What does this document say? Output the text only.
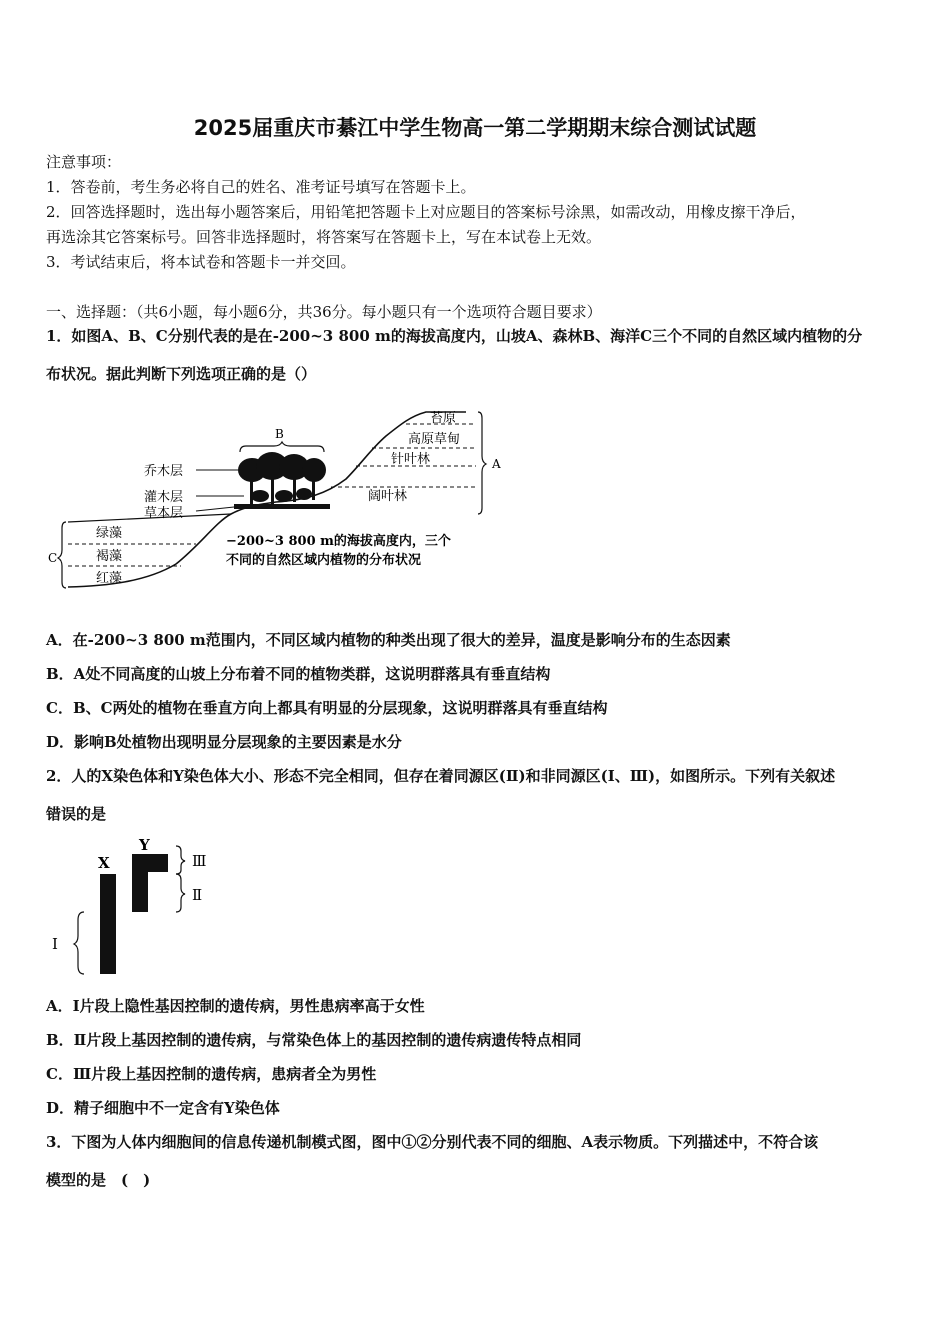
2025届重庆市綦江中学生物高一第二学期期末综合测试试题
注意事项：
1．答卷前，考生务必将自己的姓名、准考证号填写在答题卡上。
2．回答选择题时，选出每小题答案后，用铅笔把答题卡上对应题目的答案标号涂黑，如需改动，用橡皮擦干净后，
再选涂其它答案标号。回答非选择题时，将答案写在答题卡上，写在本试卷上无效。
3．考试结束后，将本试卷和答题卡一并交回。
一、选择题：（共6小题，每小题6分，共36分。每小题只有一个选项符合题目要求）
1．如图A、B、C分别代表的是在-200~3 800 m的海拔高度内，山坡A、森林B、海洋C三个不同的自然区域内植物的分
布状况。据此判断下列选项正确的是（）
A
C
B
乔木层
灌木层
草本层
苔原
高原草甸
针叶林
阔叶林
绿藻
褐藻
红藻
−200~3 800 m的海拔高度内，三个
不同的自然区域内植物的分布状况
A．在-200~3 800 m范围内，不同区域内植物的种类出现了很大的差异，温度是影响分布的生态因素
B．A处不同高度的山坡上分布着不同的植物类群，这说明群落具有垂直结构
C．B、C两处的植物在垂直方向上都具有明显的分层现象，这说明群落具有垂直结构
D．影响B处植物出现明显分层现象的主要因素是水分
2．人的X染色体和Y染色体大小、形态不完全相同，但存在着同源区(Ⅱ)和非同源区(Ⅰ、Ⅲ)，如图所示。下列有关叙述
错误的是
X
Y
Ⅲ
Ⅱ
Ⅰ
A．Ⅰ片段上隐性基因控制的遗传病，男性患病率高于女性
B．Ⅱ片段上基因控制的遗传病，与常染色体上的基因控制的遗传病遗传特点相同
C．Ⅲ片段上基因控制的遗传病，患病者全为男性
D．精子细胞中不一定含有Y染色体
3．下图为人体内细胞间的信息传递机制模式图，图中①②分别代表不同的细胞、A表示物质。下列描述中，不符合该
模型的是　(　)
